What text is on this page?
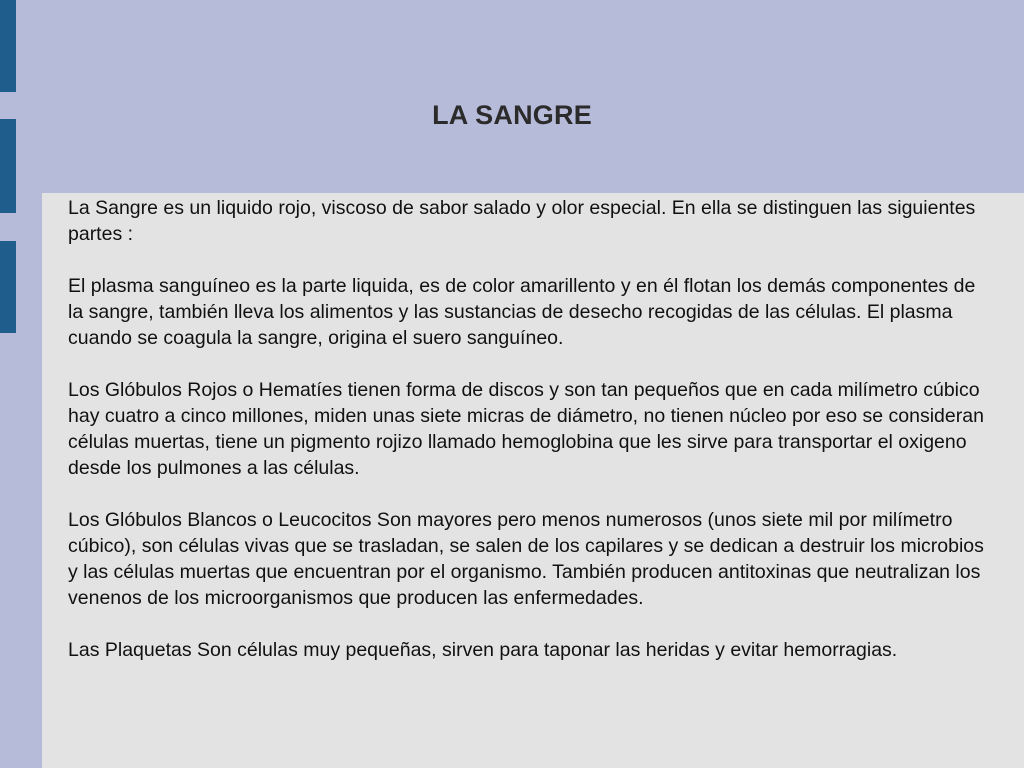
LA SANGRE

La Sangre es un liquido rojo, viscoso de sabor salado y olor especial. En ella se distinguen las siguientes partes :

El plasma sanguíneo es la parte liquida, es de color amarillento y en él flotan los demás componentes de la sangre, también lleva los alimentos y las sustancias de desecho recogidas de las células. El plasma cuando se coagula la sangre, origina el suero sanguíneo.

Los Glóbulos Rojos o Hematíes tienen forma de discos y son tan pequeños que en cada milímetro cúbico hay cuatro a cinco millones, miden unas siete micras de diámetro, no tienen núcleo por eso se consideran células muertas, tiene un pigmento rojizo llamado hemoglobina que les sirve para transportar el oxigeno desde los pulmones a las células.

Los Glóbulos Blancos o Leucocitos Son mayores pero menos numerosos (unos siete mil por milímetro cúbico), son células vivas que se trasladan, se salen de los capilares y se dedican a destruir los microbios y las células muertas que encuentran por el organismo. También producen antitoxinas que neutralizan los venenos de los microorganismos que producen las enfermedades.

Las Plaquetas Son células muy pequeñas, sirven para taponar las heridas y evitar hemorragias.
